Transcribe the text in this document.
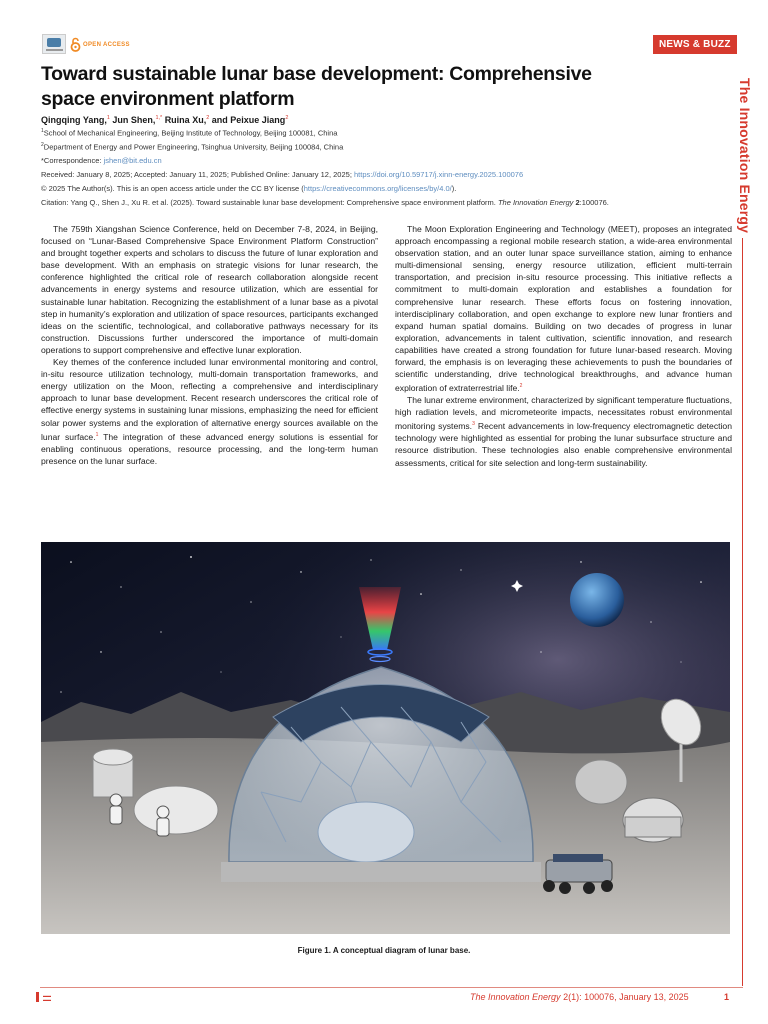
OPEN ACCESS	NEWS & BUZZ
The Innovation Energy
Toward sustainable lunar base development: Comprehensive space environment platform
Qingqing Yang,$^1$ Jun Shen,$^{1,*}$ Ruina Xu,$^2$ and Peixue Jiang$^2$
$^1$School of Mechanical Engineering, Beijing Institute of Technology, Beijing 100081, China
$^2$Department of Energy and Power Engineering, Tsinghua University, Beijing 100084, China
*Correspondence: jshen@bit.edu.cn
Received: January 8, 2025; Accepted: January 11, 2025; Published Online: January 12, 2025; https://doi.org/10.59717/j.xinn-energy.2025.100076
© 2025 The Author(s). This is an open access article under the CC BY license (https://creativecommons.org/licenses/by/4.0/).
Citation: Yang Q., Shen J., Xu R. et al. (2025). Toward sustainable lunar base development: Comprehensive space environment platform. The Innovation Energy 2:100076.

The 759th Xiangshan Science Conference, held on December 7-8, 2024, in Beijing, focused on “Lunar-Based Comprehensive Space Environment Platform Construction” and brought together experts and scholars to discuss the future of lunar exploration and base development. With an emphasis on strategic visions for lunar research, the conference highlighted the critical role of research collaboration alongside recent advancements in energy systems and resource utilization, which are essential for sustainable lunar habitation. Recognizing the establishment of a lunar base as a pivotal step in humanity’s exploration and utilization of space resources, participants exchanged ideas on the scientific, technological, and collaborative pathways necessary for its construction. Discussions further underscored the importance of multi-domain operations to support comprehensive and effective lunar exploration.

Key themes of the conference included lunar environmental monitoring and control, in-situ resource utilization technology, multi-domain transportation frameworks, and energy utilization on the Moon, reflecting a comprehensive and interdisciplinary approach to lunar base development. Recent research underscores the critical role of effective energy systems in sustaining lunar missions, emphasizing the need for efficient solar power systems and the exploration of alternative energy sources available on the lunar surface.$^1$ The integration of these advanced energy solutions is essential for enabling continuous operations, resource processing, and the long-term human presence on the lunar surface.

The Moon Exploration Engineering and Technology (MEET), proposes an integrated approach encompassing a regional mobile research station, a wide-area environmental observation station, and an outer lunar space surveillance station, aiming to enhance multi-dimensional sensing, energy resource utilization, efficient multi-terrain transportation, and precision in-situ resource processing. This initiative reflects a commitment to multi-domain exploration and establishes a foundation for comprehensive lunar research. These efforts focus on fostering innovation, interdisciplinary collaboration, and open exchange to explore new lunar frontiers and expand human spatial domains. Building on two decades of progress in lunar exploration, advancements in talent cultivation, scientific innovation, and research capabilities have created a strong foundation for future lunar-based research. Moving forward, the emphasis is on leveraging these achievements to push the boundaries of scientific understanding, drive technological breakthroughs, and advance human exploration of extraterrestrial life.$^2$

The lunar extreme environment, characterized by significant temperature fluctuations, high radiation levels, and micrometeorite impacts, necessitates robust environmental monitoring systems.$^3$ Recent advancements in low-frequency electromagnetic detection technology were highlighted as essential for probing the lunar subsurface structure and resource distribution. These technologies also enable comprehensive environmental assessments, critical for site selection and long-term sustainability.

Figure 1. A conceptual diagram of lunar base.
▬▬
▬▬	The Innovation Energy 2(1): 100076, January 13, 2025	1
